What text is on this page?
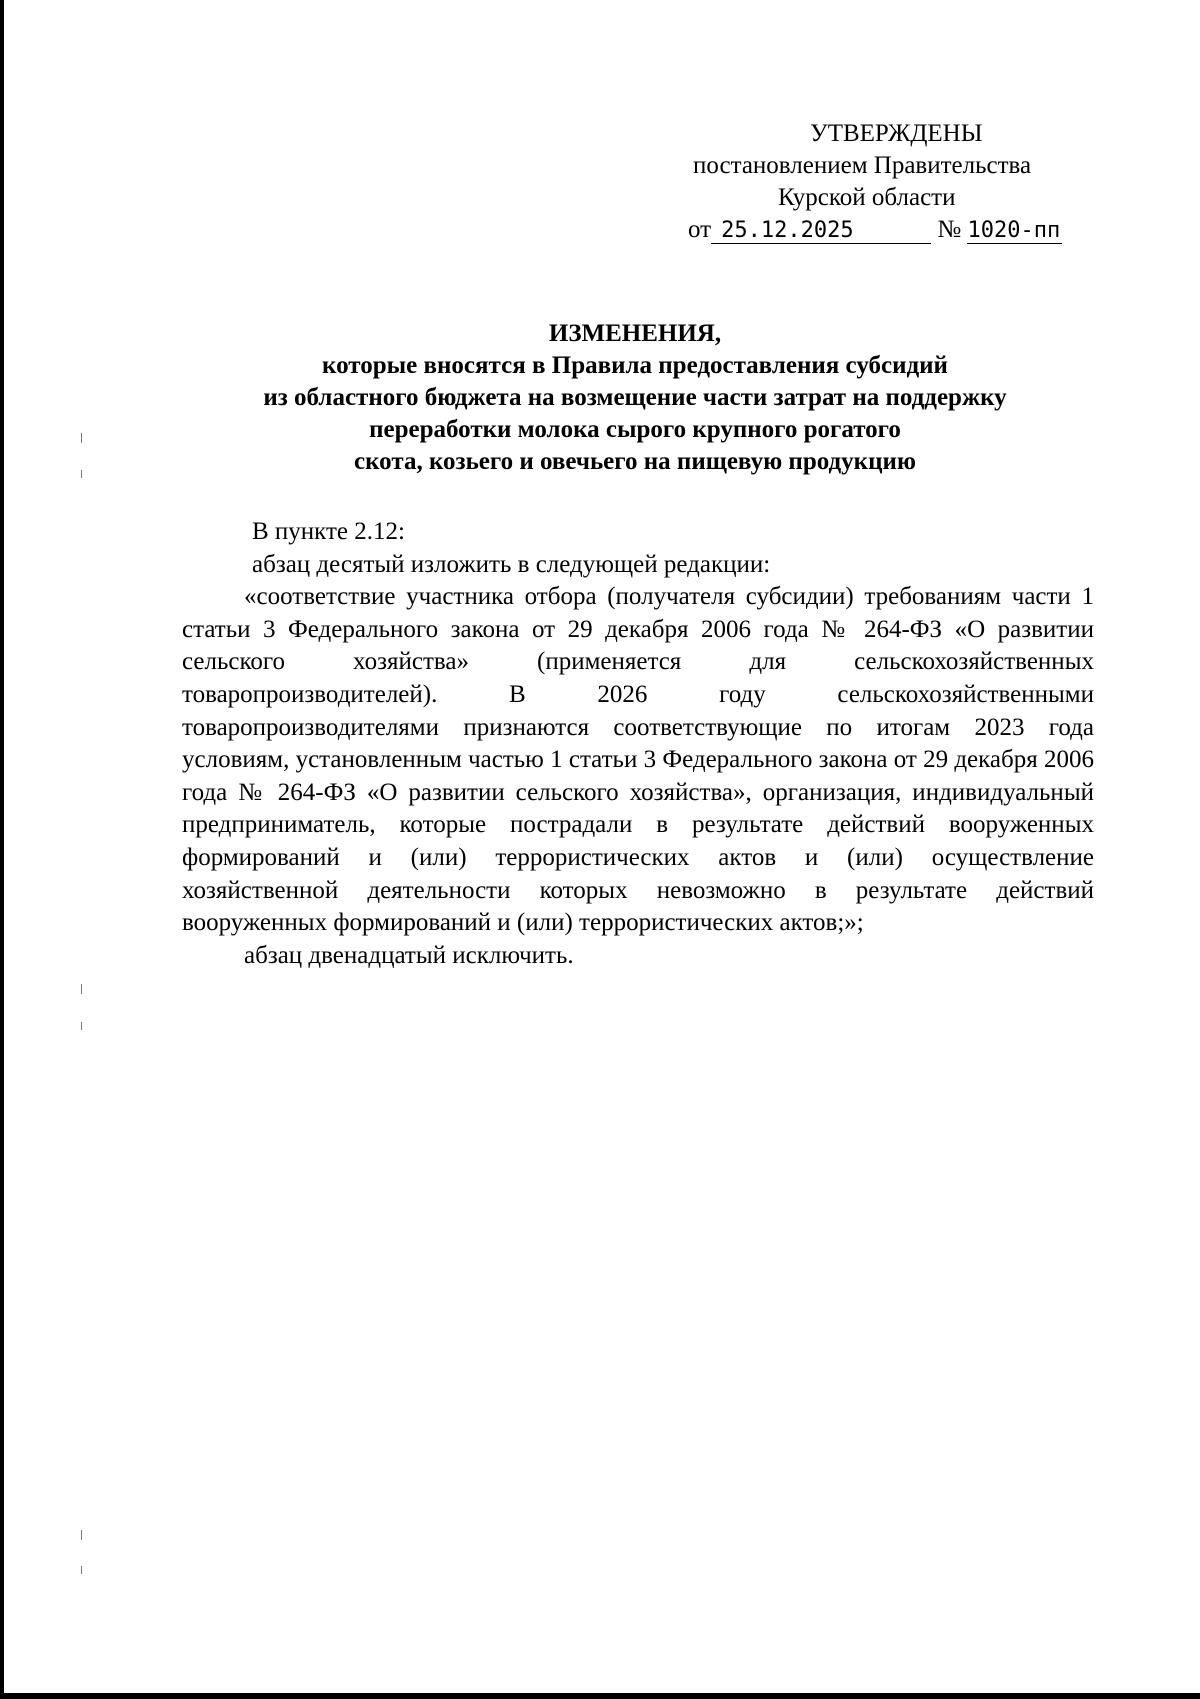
УТВЕРЖДЕНЫ
постановлением Правительства
Курской области
от 25.12.2025	№ 1020-пп
ИЗМЕНЕНИЯ,
которые вносятся в Правила предоставления субсидий
из областного бюджета на возмещение части затрат на поддержку
переработки молока сырого крупного рогатого
скота, козьего и овечьего на пищевую продукцию
В пункте 2.12:
абзац десятый изложить в следующей редакции:

«соответствие участника отбора (получателя субсидии) требованиям части 1 статьи 3 Федерального закона от 29 декабря 2006 года № 264-ФЗ «О развитии сельского хозяйства» (применяется для сельскохозяйственных товаропроизводителей). В 2026 году сельскохозяйственными товаропроизводителями признаются соответствующие по итогам 2023 года условиям, установленным частью 1 статьи 3 Федерального закона от 29 декабря 2006 года № 264-ФЗ «О развитии сельского хозяйства», организация, индивидуальный предприниматель, которые пострадали в результате действий вооруженных формирований и (или) террористических актов и (или) осуществление хозяйственной деятельности которых невозможно в результате действий вооруженных формирований и (или) террористических актов;»;

абзац двенадцатый исключить.
